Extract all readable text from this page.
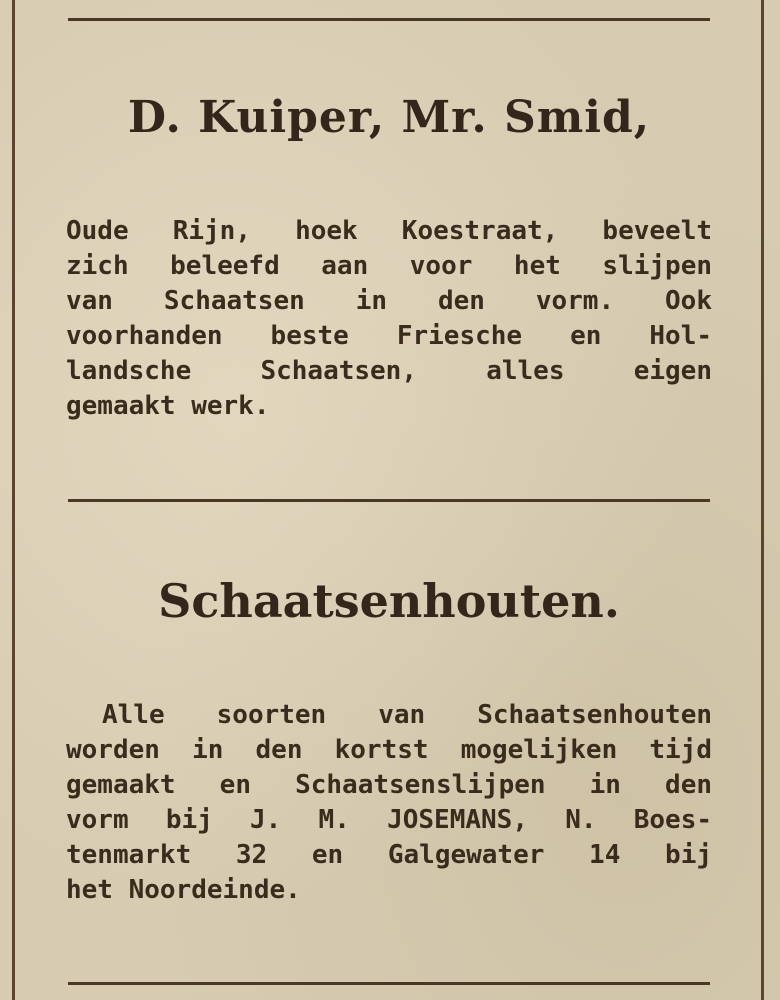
D. Kuiper, Mr. Smid,
Oude Rijn, hoek Koestraat, beveelt
zich beleefd aan voor het slijpen
van Schaatsen in den vorm. Ook
voorhanden beste Friesche en Hol-
landsche Schaatsen, alles eigen
gemaakt werk.
Schaatsenhouten.
Alle soorten van Schaatsenhouten
worden in den kortst mogelijken tijd
gemaakt en Schaatsenslijpen in den
vorm bij J. M. JOSEMANS, N. Boes-
tenmarkt 32 en Galgewater 14 bij
het Noordeinde.
